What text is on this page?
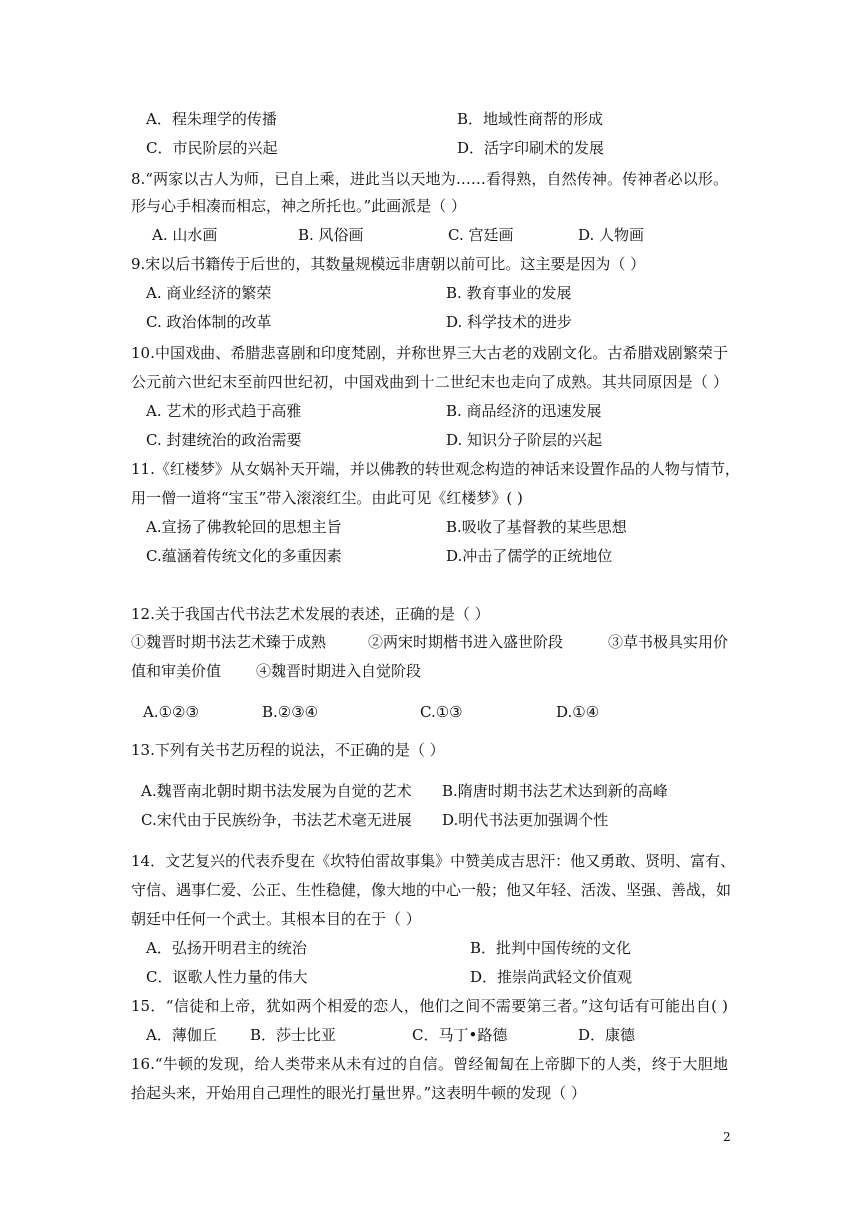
A．程朱理学的传播	B．地域性商帮的形成
C．市民阶层的兴起	D．活字印刷术的发展
8.“两家以古人为师，已自上乘，进此当以天地为……看得熟，自然传神。传神者必以形。
形与心手相凑而相忘，神之所托也。”此画派是（ ）
A. 山水画	B. 风俗画	C. 宫廷画	D. 人物画
9.宋以后书籍传于后世的，其数量规模远非唐朝以前可比。这主要是因为（ ）
A. 商业经济的繁荣	B. 教育事业的发展
C. 政治体制的改革	D. 科学技术的进步
10.中国戏曲、希腊悲喜剧和印度梵剧，并称世界三大古老的戏剧文化。古希腊戏剧繁荣于
公元前六世纪末至前四世纪初，中国戏曲到十二世纪末也走向了成熟。其共同原因是（ ）
A. 艺术的形式趋于高雅	B. 商品经济的迅速发展
C. 封建统治的政治需要	D. 知识分子阶层的兴起
11.《红楼梦》从女娲补天开端，并以佛教的转世观念构造的神话来设置作品的人物与情节，
用一僧一道将“宝玉”带入滚滚红尘。由此可见《红楼梦》( )
A.宣扬了佛教轮回的思想主旨	B.吸收了基督教的某些思想
C.蕴涵着传统文化的多重因素	D.冲击了儒学的正统地位
12.关于我国古代书法艺术发展的表述，正确的是（ ）
①魏晋时期书法艺术臻于成熟	②两宋时期楷书进入盛世阶段	③草书极具实用价
值和审美价值 ④魏晋时期进入自觉阶段
A.①②③	B.②③④	C.①③	D.①④
13.下列有关书艺历程的说法，不正确的是（ ）
A.魏晋南北朝时期书法发展为自觉的艺术 B.隋唐时期书法艺术达到新的高峰
C.宋代由于民族纷争，书法艺术毫无进展 D.明代书法更加强调个性
14．文艺复兴的代表乔叟在《坎特伯雷故事集》中赞美成吉思汗：他又勇敢、贤明、富有、
守信、遇事仁爱、公正、生性稳健，像大地的中心一般；他又年轻、活泼、坚强、善战，如
朝廷中任何一个武士。其根本目的在于（ ）
A．弘扬开明君主的统治	B．批判中国传统的文化
C．讴歌人性力量的伟大	D．推崇尚武轻文价值观
15．“信徒和上帝，犹如两个相爱的恋人，他们之间不需要第三者。”这句话有可能出自( )
A．薄伽丘 B．莎士比亚	C．马丁•路德	D．康德
16.“牛顿的发现，给人类带来从未有过的自信。曾经匍匐在上帝脚下的人类，终于大胆地
抬起头来，开始用自己理性的眼光打量世界。”这表明牛顿的发现（ ）
2
